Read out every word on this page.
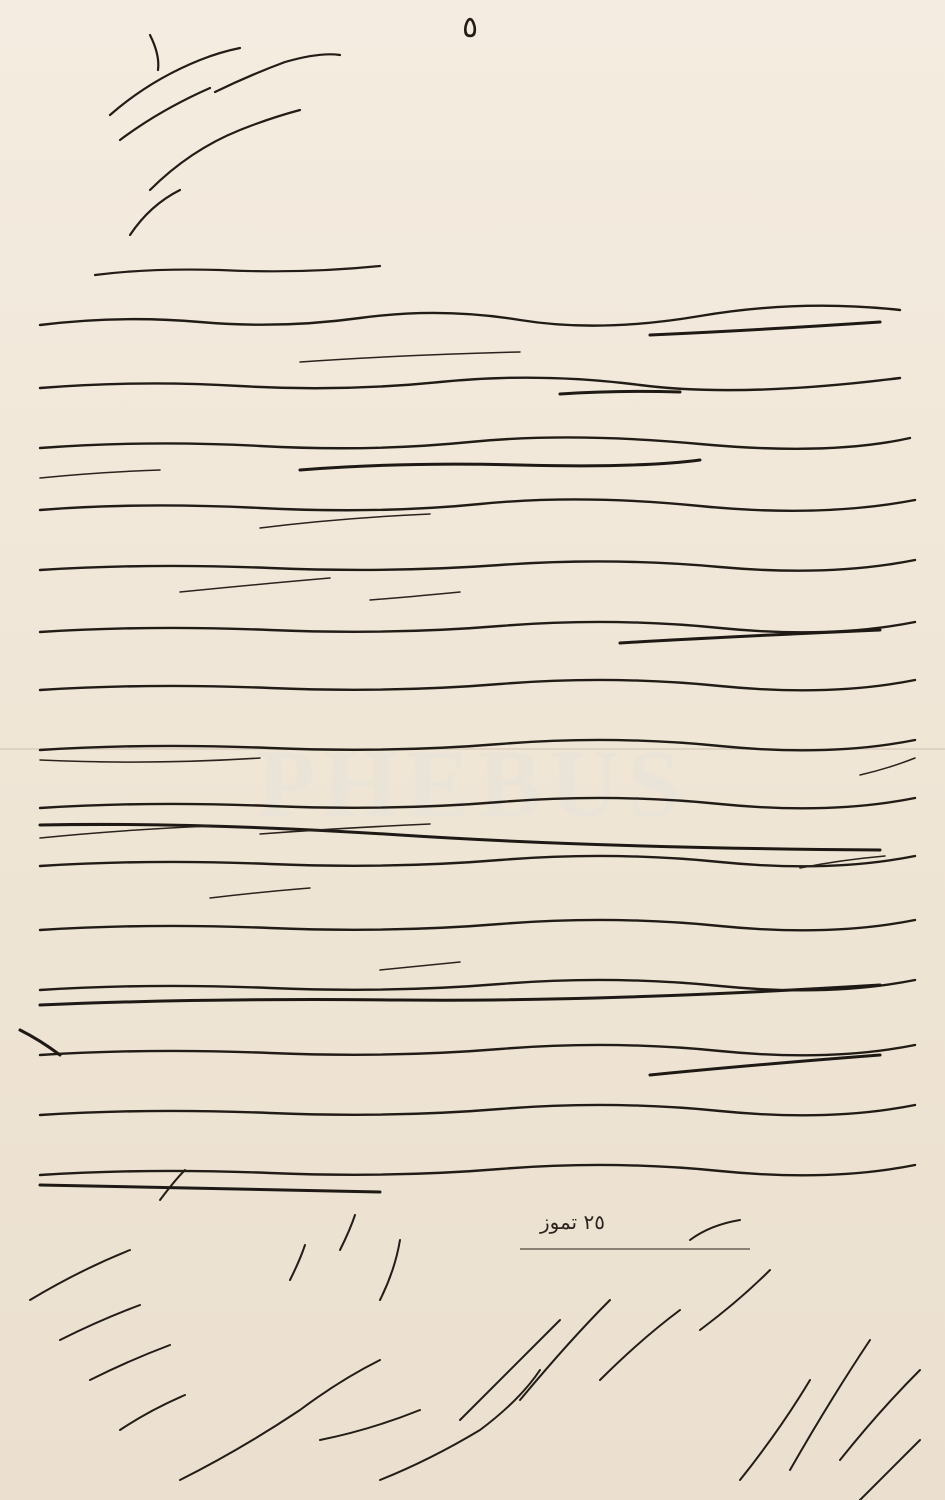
٥
PHEBUS
٢٥ تموز
